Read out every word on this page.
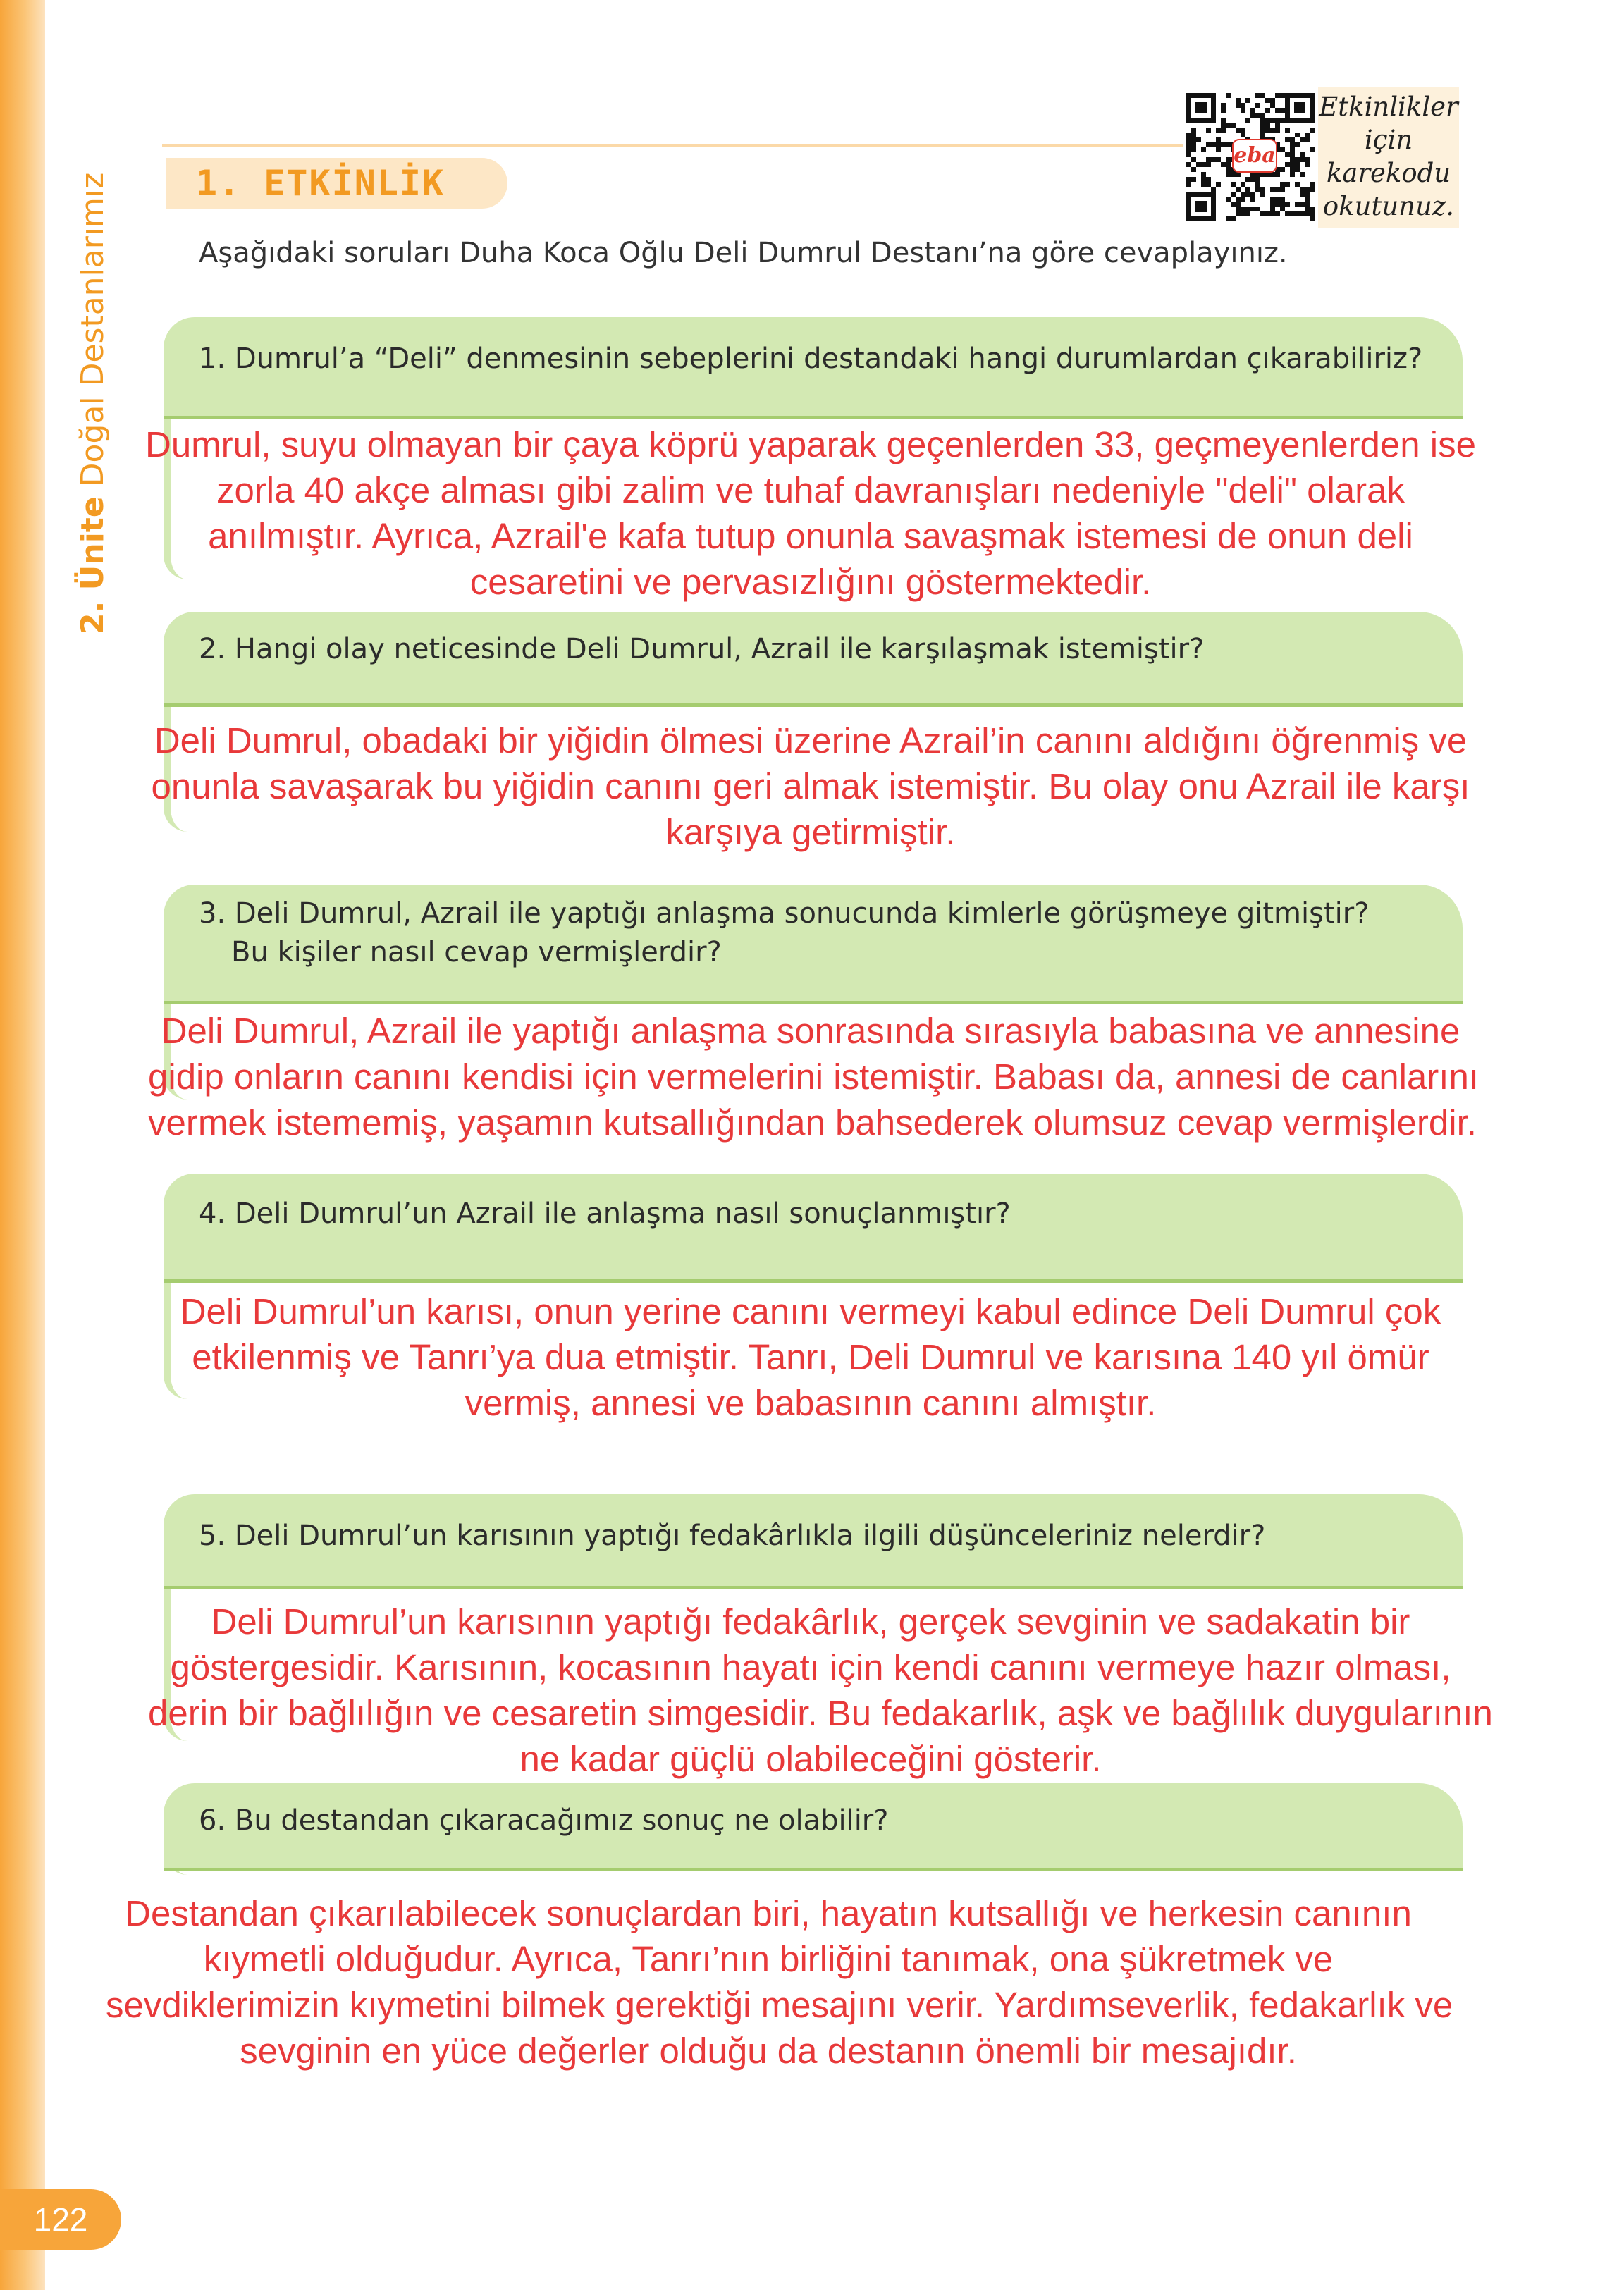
2. Ünite Doğal Destanlarımız
122
1. ETKİNLİK
eba
Etkinlikler
için
karekodu
okutunuz.
Aşağıdaki soruları Duha Koca Oğlu Deli Dumrul Destanı’na göre cevaplayınız.
1. Dumrul’a “Deli” denmesinin sebeplerini destandaki hangi durumlardan çıkarabiliriz?
Dumrul, suyu olmayan bir çaya köprü yaparak geçenlerden 33, geçmeyenlerden ise
zorla 40 akçe alması gibi zalim ve tuhaf davranışları nedeniyle "deli" olarak
anılmıştır. Ayrıca, Azrail'e kafa tutup onunla savaşmak istemesi de onun deli
cesaretini ve pervasızlığını göstermektedir.
2. Hangi olay neticesinde Deli Dumrul, Azrail ile karşılaşmak istemiştir?
Deli Dumrul, obadaki bir yiğidin ölmesi üzerine Azrail’in canını aldığını öğrenmiş ve
onunla savaşarak bu yiğidin canını geri almak istemiştir. Bu olay onu Azrail ile karşı
karşıya getirmiştir.
3. Deli Dumrul, Azrail ile yaptığı anlaşma sonucunda kimlerle görüşmeye gitmiştir?
Bu kişiler nasıl cevap vermişlerdir?
Deli Dumrul, Azrail ile yaptığı anlaşma sonrasında sırasıyla babasına ve annesine
gidip onların canını kendisi için vermelerini istemiştir. Babası da, annesi de canlarını
vermek istememiş, yaşamın kutsallığından bahsederek olumsuz cevap vermişlerdir.
4. Deli Dumrul’un Azrail ile anlaşma nasıl sonuçlanmıştır?
Deli Dumrul’un karısı, onun yerine canını vermeyi kabul edince Deli Dumrul çok
etkilenmiş ve Tanrı’ya dua etmiştir. Tanrı, Deli Dumrul ve karısına 140 yıl ömür
vermiş, annesi ve babasının canını almıştır.
5. Deli Dumrul’un karısının yaptığı fedakârlıkla ilgili düşünceleriniz nelerdir?
Deli Dumrul’un karısının yaptığı fedakârlık, gerçek sevginin ve sadakatin bir
göstergesidir. Karısının, kocasının hayatı için kendi canını vermeye hazır olması,
derin bir bağlılığın ve cesaretin simgesidir. Bu fedakarlık, aşk ve bağlılık duygularının
ne kadar güçlü olabileceğini gösterir.
6. Bu destandan çıkaracağımız sonuç ne olabilir?
Destandan çıkarılabilecek sonuçlardan biri, hayatın kutsallığı ve herkesin canının
kıymetli olduğudur. Ayrıca, Tanrı’nın birliğini tanımak, ona şükretmek ve
sevdiklerimizin kıymetini bilmek gerektiği mesajını verir. Yardımseverlik, fedakarlık ve
sevginin en yüce değerler olduğu da destanın önemli bir mesajıdır.
